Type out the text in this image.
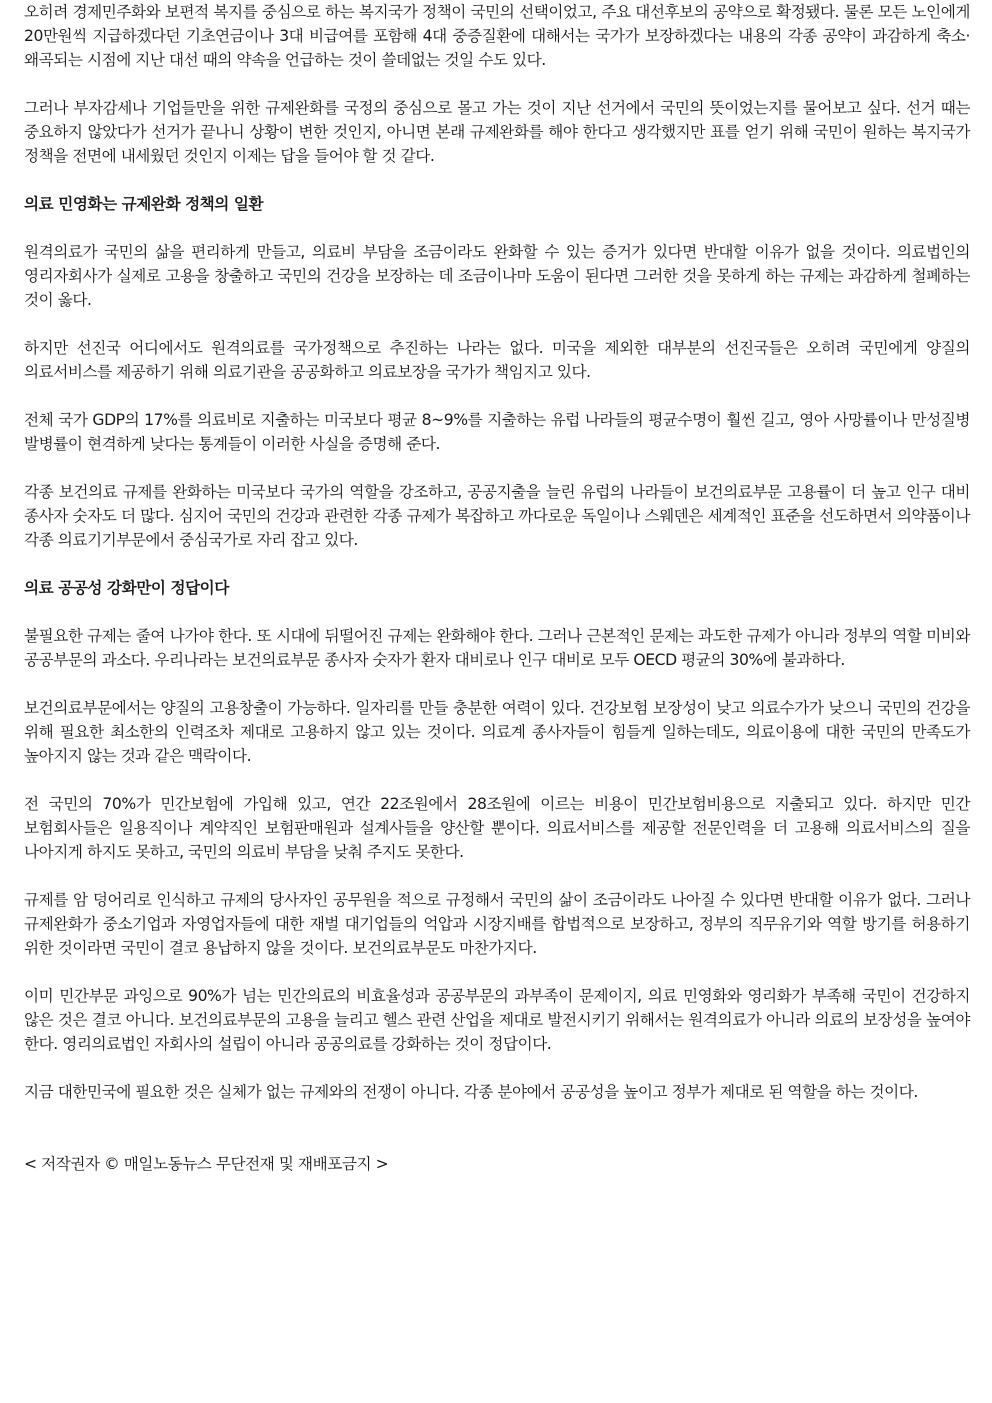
오히려 경제민주화와 보편적 복지를 중심으로 하는 복지국가 정책이 국민의 선택이었고, 주요 대선후보의 공약으로 확정됐다. 물론 모든 노인에게 20만원씩 지급하겠다던 기초연금이나 3대 비급여를 포함해 4대 중증질환에 대해서는 국가가 보장하겠다는 내용의 각종 공약이 과감하게 축소·왜곡되는 시점에 지난 대선 때의 약속을 언급하는 것이 쓸데없는 것일 수도 있다.

그러나 부자감세나 기업들만을 위한 규제완화를 국정의 중심으로 몰고 가는 것이 지난 선거에서 국민의 뜻이었는지를 물어보고 싶다. 선거 때는 중요하지 않았다가 선거가 끝나니 상황이 변한 것인지, 아니면 본래 규제완화를 해야 한다고 생각했지만 표를 얻기 위해 국민이 원하는 복지국가 정책을 전면에 내세웠던 것인지 이제는 답을 들어야 할 것 같다.

의료 민영화는 규제완화 정책의 일환

원격의료가 국민의 삶을 편리하게 만들고, 의료비 부담을 조금이라도 완화할 수 있는 증거가 있다면 반대할 이유가 없을 것이다. 의료법인의 영리자회사가 실제로 고용을 창출하고 국민의 건강을 보장하는 데 조금이나마 도움이 된다면 그러한 것을 못하게 하는 규제는 과감하게 철폐하는 것이 옳다.

하지만 선진국 어디에서도 원격의료를 국가정책으로 추진하는 나라는 없다. 미국을 제외한 대부분의 선진국들은 오히려 국민에게 양질의 의료서비스를 제공하기 위해 의료기관을 공공화하고 의료보장을 국가가 책임지고 있다.

전체 국가 GDP의 17%를 의료비로 지출하는 미국보다 평균 8~9%를 지출하는 유럽 나라들의 평균수명이 훨씬 길고, 영아 사망률이나 만성질병 발병률이 현격하게 낮다는 통계들이 이러한 사실을 증명해 준다.

각종 보건의료 규제를 완화하는 미국보다 국가의 역할을 강조하고, 공공지출을 늘린 유럽의 나라들이 보건의료부문 고용률이 더 높고 인구 대비 종사자 숫자도 더 많다. 심지어 국민의 건강과 관련한 각종 규제가 복잡하고 까다로운 독일이나 스웨덴은 세계적인 표준을 선도하면서 의약품이나 각종 의료기기부문에서 중심국가로 자리 잡고 있다.

의료 공공성 강화만이 정답이다

불필요한 규제는 줄여 나가야 한다. 또 시대에 뒤떨어진 규제는 완화해야 한다. 그러나 근본적인 문제는 과도한 규제가 아니라 정부의 역할 미비와 공공부문의 과소다. 우리나라는 보건의료부문 종사자 숫자가 환자 대비로나 인구 대비로 모두 OECD 평균의 30%에 불과하다.

보건의료부문에서는 양질의 고용창출이 가능하다. 일자리를 만들 충분한 여력이 있다. 건강보험 보장성이 낮고 의료수가가 낮으니 국민의 건강을 위해 필요한 최소한의 인력조차 제대로 고용하지 않고 있는 것이다. 의료계 종사자들이 힘들게 일하는데도, 의료이용에 대한 국민의 만족도가 높아지지 않는 것과 같은 맥락이다.

전 국민의 70%가 민간보험에 가입해 있고, 연간 22조원에서 28조원에 이르는 비용이 민간보험비용으로 지출되고 있다. 하지만 민간 보험회사들은 일용직이나 계약직인 보험판매원과 설계사들을 양산할 뿐이다. 의료서비스를 제공할 전문인력을 더 고용해 의료서비스의 질을 나아지게 하지도 못하고, 국민의 의료비 부담을 낮춰 주지도 못한다.

규제를 암 덩어리로 인식하고 규제의 당사자인 공무원을 적으로 규정해서 국민의 삶이 조금이라도 나아질 수 있다면 반대할 이유가 없다. 그러나 규제완화가 중소기업과 자영업자들에 대한 재벌 대기업들의 억압과 시장지배를 합법적으로 보장하고, 정부의 직무유기와 역할 방기를 허용하기 위한 것이라면 국민이 결코 용납하지 않을 것이다. 보건의료부문도 마찬가지다.

이미 민간부문 과잉으로 90%가 넘는 민간의료의 비효율성과 공공부문의 과부족이 문제이지, 의료 민영화와 영리화가 부족해 국민이 건강하지 않은 것은 결코 아니다. 보건의료부문의 고용을 늘리고 헬스 관련 산업을 제대로 발전시키기 위해서는 원격의료가 아니라 의료의 보장성을 높여야 한다. 영리의료법인 자회사의 설립이 아니라 공공의료를 강화하는 것이 정답이다.

지금 대한민국에 필요한 것은 실체가 없는 규제와의 전쟁이 아니다. 각종 분야에서 공공성을 높이고 정부가 제대로 된 역할을 하는 것이다.

< 저작권자 © 매일노동뉴스 무단전재 및 재배포금지 >
